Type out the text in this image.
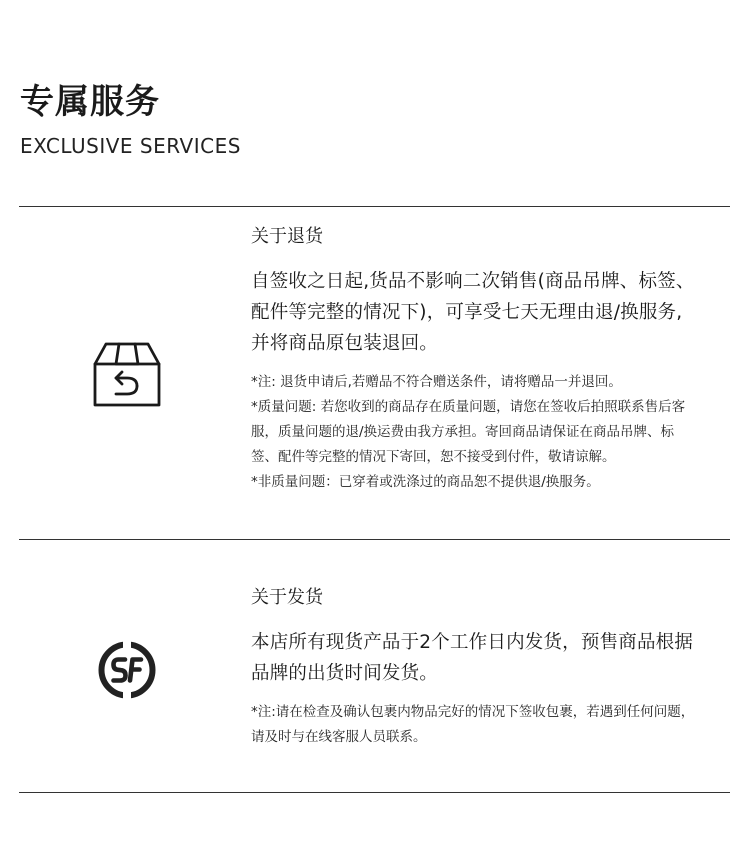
专属服务
EXCLUSIVE SERVICES

关于退货

自签收之日起,货品不影响二次销售(商品吊牌、标签、配件等完整的情况下)，可享受七天无理由退/换服务,并将商品原包装退回。

*注: 退货申请后,若赠品不符合赠送条件，请将赠品一并退回。

*质量问题: 若您收到的商品存在质量问题，请您在签收后拍照联系售后客服，质量问题的退/换运费由我方承担。寄回商品请保证在商品吊牌、标签、配件等完整的情况下寄回，恕不接受到付件，敬请谅解。

*非质量问题：已穿着或洗涤过的商品恕不提供退/换服务。

关于发货

本店所有现货产品于2个工作日内发货，预售商品根据品牌的出货时间发货。

*注:请在检查及确认包裹内物品完好的情况下签收包裹，若遇到任何问题，请及时与在线客服人员联系。
